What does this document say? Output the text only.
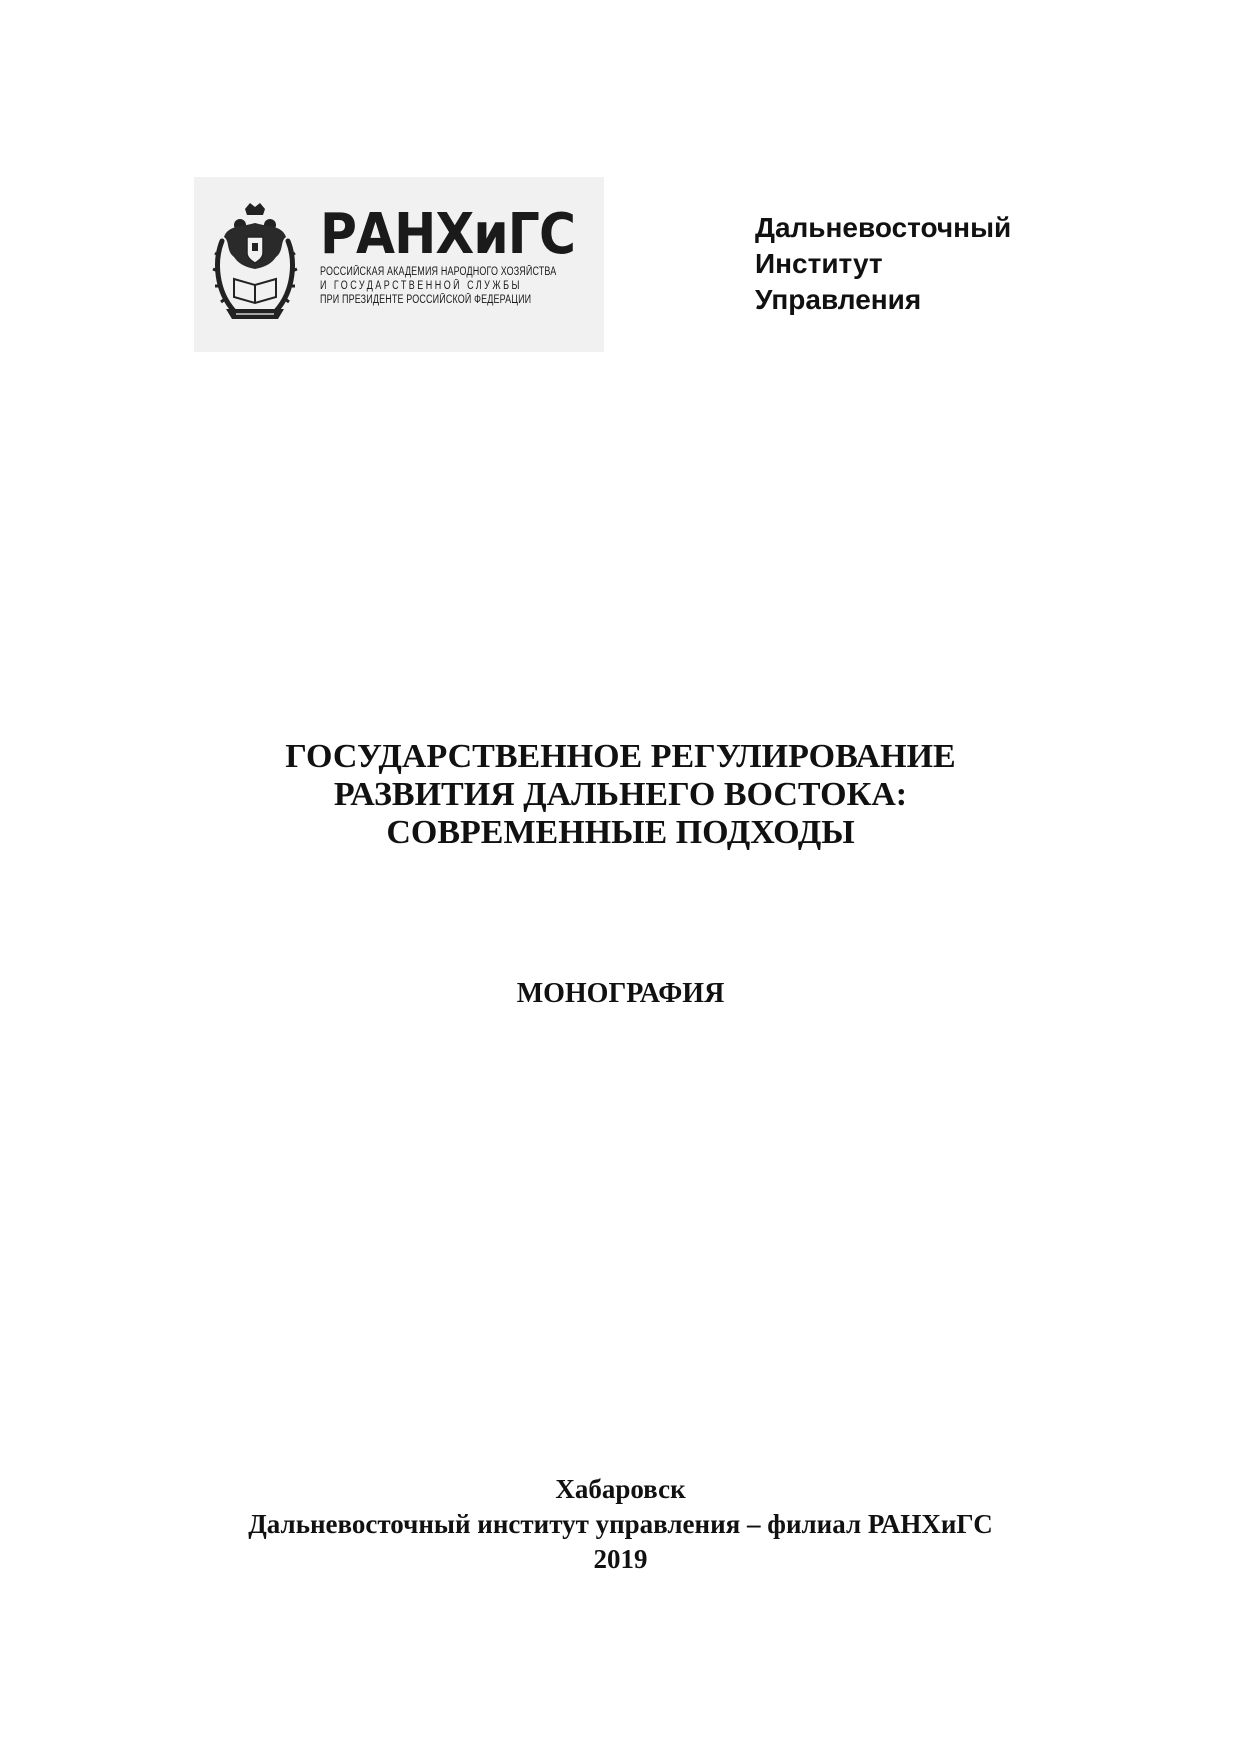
РАНХиГС
РОССИЙСКАЯ АКАДЕМИЯ НАРОДНОГО ХОЗЯЙСТВА
И ГОСУДАРСТВЕННОЙ СЛУЖБЫ
ПРИ ПРЕЗИДЕНТЕ РОССИЙСКОЙ ФЕДЕРАЦИИ
Дальневосточный
Институт
Управления
ГОСУДАРСТВЕННОЕ РЕГУЛИРОВАНИЕ
РАЗВИТИЯ ДАЛЬНЕГО ВОСТОКА:
СОВРЕМЕННЫЕ ПОДХОДЫ
МОНОГРАФИЯ
Хабаровск
Дальневосточный институт управления – филиал РАНХиГС
2019
